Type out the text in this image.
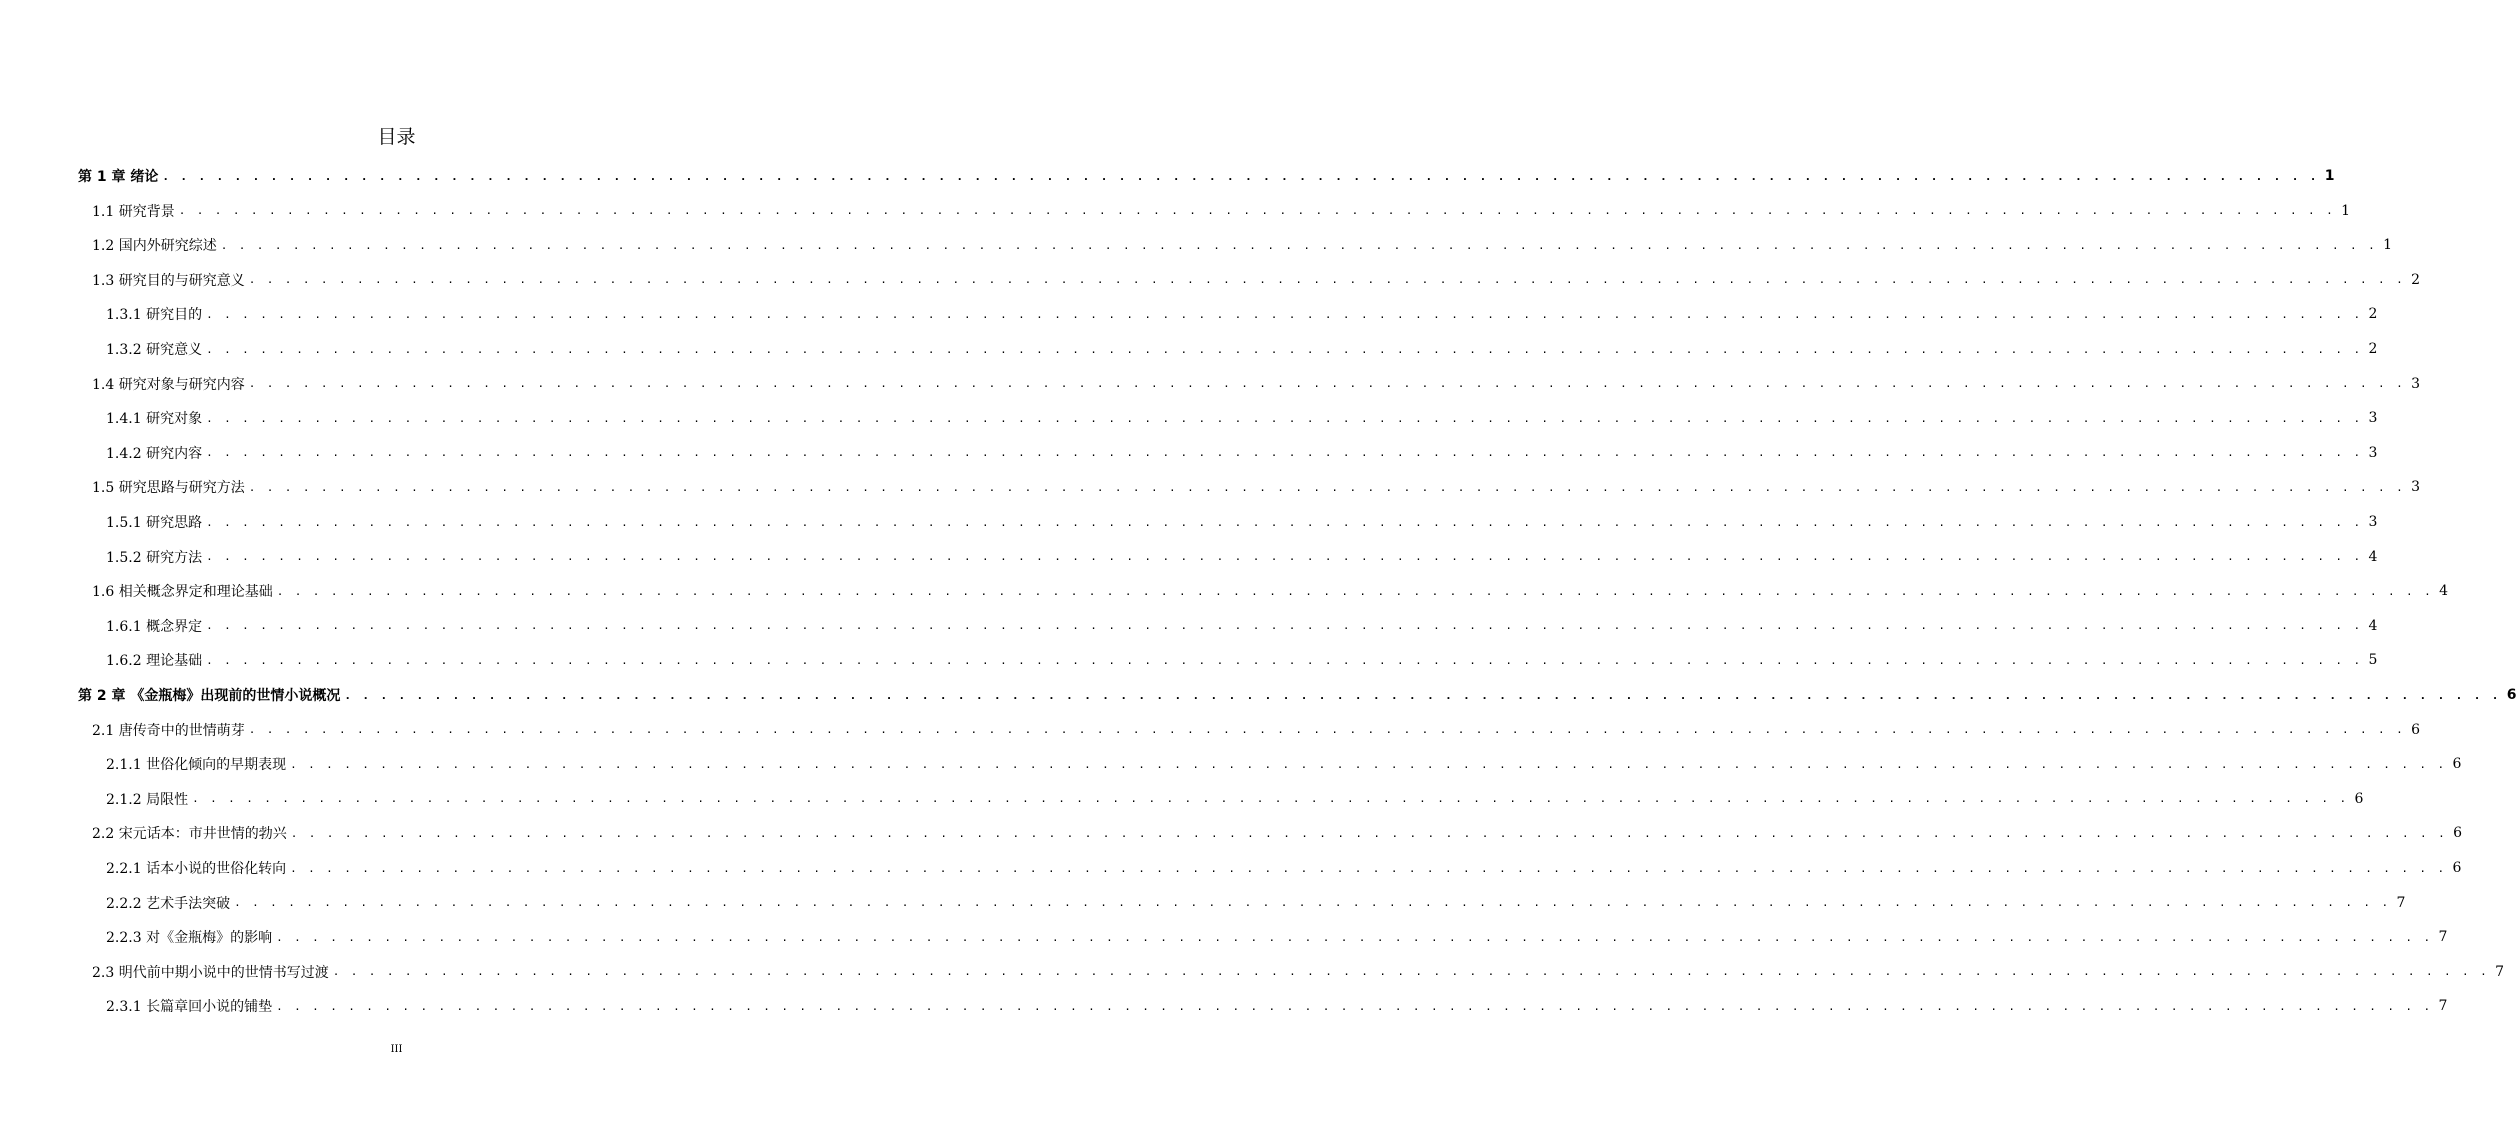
目录
第 1 章 绪论 . . . . . . . . . . . . . . . . . . . . . . . . . . . . . . . . . . . . . . . . . . . . . . . . . . . . . . . . . . . . . . . . . . . . . . . . . . . . . . . . . . . . . . . . . . . . . . . . . . . . . . . . . . . . . . . . . . . . . . . . 1
1.1 研究背景 . . . . . . . . . . . . . . . . . . . . . . . . . . . . . . . . . . . . . . . . . . . . . . . . . . . . . . . . . . . . . . . . . . . . . . . . . . . . . . . . . . . . . . . . . . . . . . . . . . . . . . . . . . . . . . . . . . . . . . . . 1
1.2 国内外研究综述 . . . . . . . . . . . . . . . . . . . . . . . . . . . . . . . . . . . . . . . . . . . . . . . . . . . . . . . . . . . . . . . . . . . . . . . . . . . . . . . . . . . . . . . . . . . . . . . . . . . . . . . . . . . . . . . . . . . . . . . . 1
1.3 研究目的与研究意义 . . . . . . . . . . . . . . . . . . . . . . . . . . . . . . . . . . . . . . . . . . . . . . . . . . . . . . . . . . . . . . . . . . . . . . . . . . . . . . . . . . . . . . . . . . . . . . . . . . . . . . . . . . . . . . . . . . . . . . . . 2
1.3.1 研究目的 . . . . . . . . . . . . . . . . . . . . . . . . . . . . . . . . . . . . . . . . . . . . . . . . . . . . . . . . . . . . . . . . . . . . . . . . . . . . . . . . . . . . . . . . . . . . . . . . . . . . . . . . . . . . . . . . . . . . . . . . 2
1.3.2 研究意义 . . . . . . . . . . . . . . . . . . . . . . . . . . . . . . . . . . . . . . . . . . . . . . . . . . . . . . . . . . . . . . . . . . . . . . . . . . . . . . . . . . . . . . . . . . . . . . . . . . . . . . . . . . . . . . . . . . . . . . . . 2
1.4 研究对象与研究内容 . . . . . . . . . . . . . . . . . . . . . . . . . . . . . . . . . . . . . . . . . . . . . . . . . . . . . . . . . . . . . . . . . . . . . . . . . . . . . . . . . . . . . . . . . . . . . . . . . . . . . . . . . . . . . . . . . . . . . . . . 3
1.4.1 研究对象 . . . . . . . . . . . . . . . . . . . . . . . . . . . . . . . . . . . . . . . . . . . . . . . . . . . . . . . . . . . . . . . . . . . . . . . . . . . . . . . . . . . . . . . . . . . . . . . . . . . . . . . . . . . . . . . . . . . . . . . . 3
1.4.2 研究内容 . . . . . . . . . . . . . . . . . . . . . . . . . . . . . . . . . . . . . . . . . . . . . . . . . . . . . . . . . . . . . . . . . . . . . . . . . . . . . . . . . . . . . . . . . . . . . . . . . . . . . . . . . . . . . . . . . . . . . . . . 3
1.5 研究思路与研究方法 . . . . . . . . . . . . . . . . . . . . . . . . . . . . . . . . . . . . . . . . . . . . . . . . . . . . . . . . . . . . . . . . . . . . . . . . . . . . . . . . . . . . . . . . . . . . . . . . . . . . . . . . . . . . . . . . . . . . . . . . 3
1.5.1 研究思路 . . . . . . . . . . . . . . . . . . . . . . . . . . . . . . . . . . . . . . . . . . . . . . . . . . . . . . . . . . . . . . . . . . . . . . . . . . . . . . . . . . . . . . . . . . . . . . . . . . . . . . . . . . . . . . . . . . . . . . . . 3
1.5.2 研究方法 . . . . . . . . . . . . . . . . . . . . . . . . . . . . . . . . . . . . . . . . . . . . . . . . . . . . . . . . . . . . . . . . . . . . . . . . . . . . . . . . . . . . . . . . . . . . . . . . . . . . . . . . . . . . . . . . . . . . . . . . 4
1.6 相关概念界定和理论基础 . . . . . . . . . . . . . . . . . . . . . . . . . . . . . . . . . . . . . . . . . . . . . . . . . . . . . . . . . . . . . . . . . . . . . . . . . . . . . . . . . . . . . . . . . . . . . . . . . . . . . . . . . . . . . . . . . . . . . . . . 4
1.6.1 概念界定 . . . . . . . . . . . . . . . . . . . . . . . . . . . . . . . . . . . . . . . . . . . . . . . . . . . . . . . . . . . . . . . . . . . . . . . . . . . . . . . . . . . . . . . . . . . . . . . . . . . . . . . . . . . . . . . . . . . . . . . . 4
1.6.2 理论基础 . . . . . . . . . . . . . . . . . . . . . . . . . . . . . . . . . . . . . . . . . . . . . . . . . . . . . . . . . . . . . . . . . . . . . . . . . . . . . . . . . . . . . . . . . . . . . . . . . . . . . . . . . . . . . . . . . . . . . . . . 5
第 2 章 《金瓶梅》出现前的世情小说概况 . . . . . . . . . . . . . . . . . . . . . . . . . . . . . . . . . . . . . . . . . . . . . . . . . . . . . . . . . . . . . . . . . . . . . . . . . . . . . . . . . . . . . . . . . . . . . . . . . . . . . . . . . . . . . . . . . . . . . . . . 6
2.1 唐传奇中的世情萌芽 . . . . . . . . . . . . . . . . . . . . . . . . . . . . . . . . . . . . . . . . . . . . . . . . . . . . . . . . . . . . . . . . . . . . . . . . . . . . . . . . . . . . . . . . . . . . . . . . . . . . . . . . . . . . . . . . . . . . . . . . 6
2.1.1 世俗化倾向的早期表现 . . . . . . . . . . . . . . . . . . . . . . . . . . . . . . . . . . . . . . . . . . . . . . . . . . . . . . . . . . . . . . . . . . . . . . . . . . . . . . . . . . . . . . . . . . . . . . . . . . . . . . . . . . . . . . . . . . . . . . . . 6
2.1.2 局限性 . . . . . . . . . . . . . . . . . . . . . . . . . . . . . . . . . . . . . . . . . . . . . . . . . . . . . . . . . . . . . . . . . . . . . . . . . . . . . . . . . . . . . . . . . . . . . . . . . . . . . . . . . . . . . . . . . . . . . . . . 6
2.2 宋元话本：市井世情的勃兴 . . . . . . . . . . . . . . . . . . . . . . . . . . . . . . . . . . . . . . . . . . . . . . . . . . . . . . . . . . . . . . . . . . . . . . . . . . . . . . . . . . . . . . . . . . . . . . . . . . . . . . . . . . . . . . . . . . . . . . . . 6
2.2.1 话本小说的世俗化转向 . . . . . . . . . . . . . . . . . . . . . . . . . . . . . . . . . . . . . . . . . . . . . . . . . . . . . . . . . . . . . . . . . . . . . . . . . . . . . . . . . . . . . . . . . . . . . . . . . . . . . . . . . . . . . . . . . . . . . . . . 6
2.2.2 艺术手法突破 . . . . . . . . . . . . . . . . . . . . . . . . . . . . . . . . . . . . . . . . . . . . . . . . . . . . . . . . . . . . . . . . . . . . . . . . . . . . . . . . . . . . . . . . . . . . . . . . . . . . . . . . . . . . . . . . . . . . . . . . 7
2.2.3 对《金瓶梅》的影响 . . . . . . . . . . . . . . . . . . . . . . . . . . . . . . . . . . . . . . . . . . . . . . . . . . . . . . . . . . . . . . . . . . . . . . . . . . . . . . . . . . . . . . . . . . . . . . . . . . . . . . . . . . . . . . . . . . . . . . . . 7
2.3 明代前中期小说中的世情书写过渡 . . . . . . . . . . . . . . . . . . . . . . . . . . . . . . . . . . . . . . . . . . . . . . . . . . . . . . . . . . . . . . . . . . . . . . . . . . . . . . . . . . . . . . . . . . . . . . . . . . . . . . . . . . . . . . . . . . . . . . . . 7
2.3.1 长篇章回小说的铺垫 . . . . . . . . . . . . . . . . . . . . . . . . . . . . . . . . . . . . . . . . . . . . . . . . . . . . . . . . . . . . . . . . . . . . . . . . . . . . . . . . . . . . . . . . . . . . . . . . . . . . . . . . . . . . . . . . . . . . . . . . 7
III
